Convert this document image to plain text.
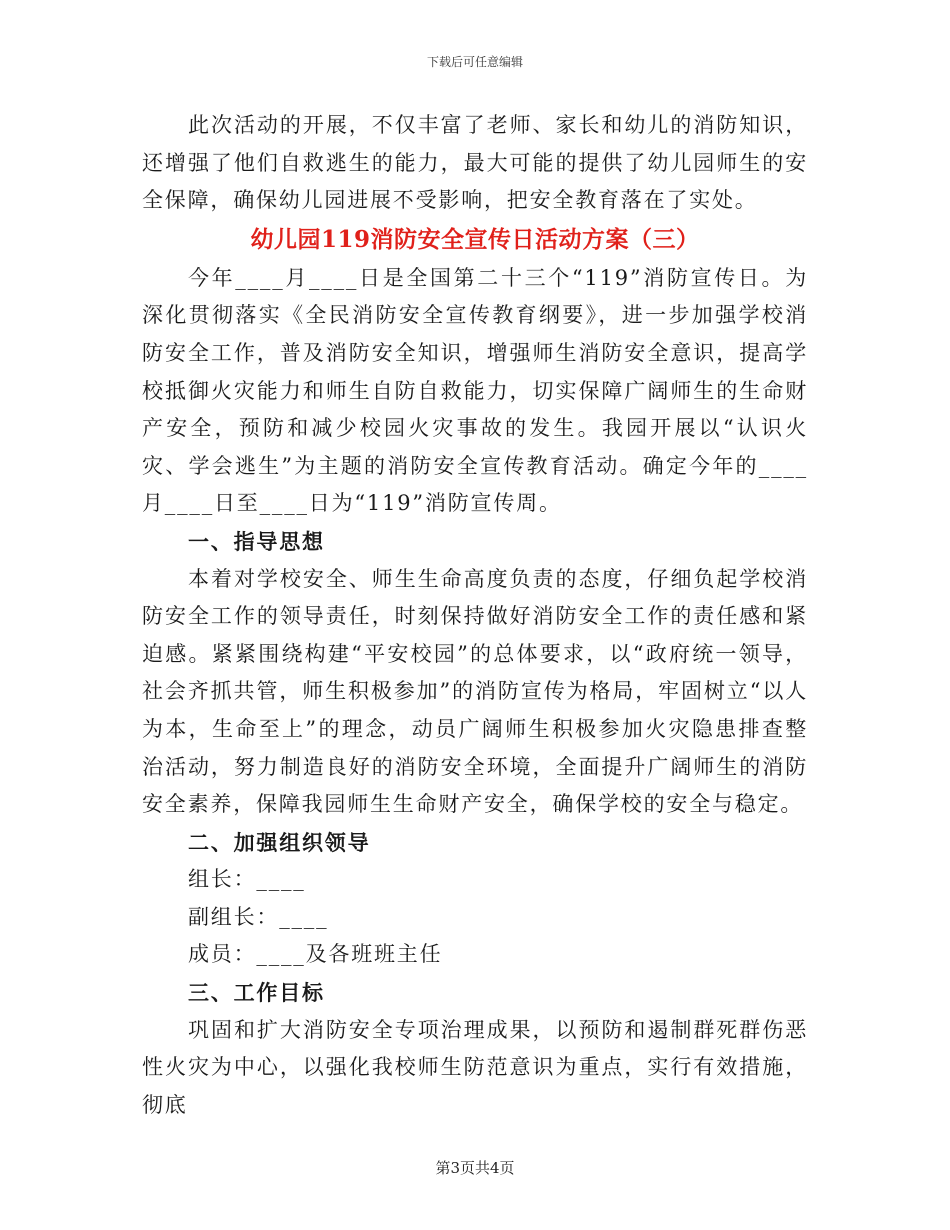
下载后可任意编辑

此次活动的开展，不仅丰富了老师、家长和幼儿的消防知识，还增强了他们自救逃生的能力，最大可能的提供了幼儿园师生的安全保障，确保幼儿园进展不受影响，把安全教育落在了实处。

幼儿园119消防安全宣传日活动方案（三）

今年____月____日是全国第二十三个“119”消防宣传日。为深化贯彻落实《全民消防安全宣传教育纲要》，进一步加强学校消防安全工作，普及消防安全知识，增强师生消防安全意识，提高学校抵御火灾能力和师生自防自救能力，切实保障广阔师生的生命财产安全，预防和减少校园火灾事故的发生。我园开展以“认识火灾、学会逃生”为主题的消防安全宣传教育活动。确定今年的____月____日至____日为“119”消防宣传周。

一、指导思想

本着对学校安全、师生生命高度负责的态度，仔细负起学校消防安全工作的领导责任，时刻保持做好消防安全工作的责任感和紧迫感。紧紧围绕构建“平安校园”的总体要求，以“政府统一领导，社会齐抓共管，师生积极参加”的消防宣传为格局，牢固树立“以人为本，生命至上”的理念，动员广阔师生积极参加火灾隐患排查整治活动，努力制造良好的消防安全环境，全面提升广阔师生的消防安全素养，保障我园师生生命财产安全，确保学校的安全与稳定。

二、加强组织领导

组长：____

副组长：____

成员：____及各班班主任

三、工作目标

巩固和扩大消防安全专项治理成果，以预防和遏制群死群伤恶性火灾为中心，以强化我校师生防范意识为重点，实行有效措施，彻底

第3页共4页
